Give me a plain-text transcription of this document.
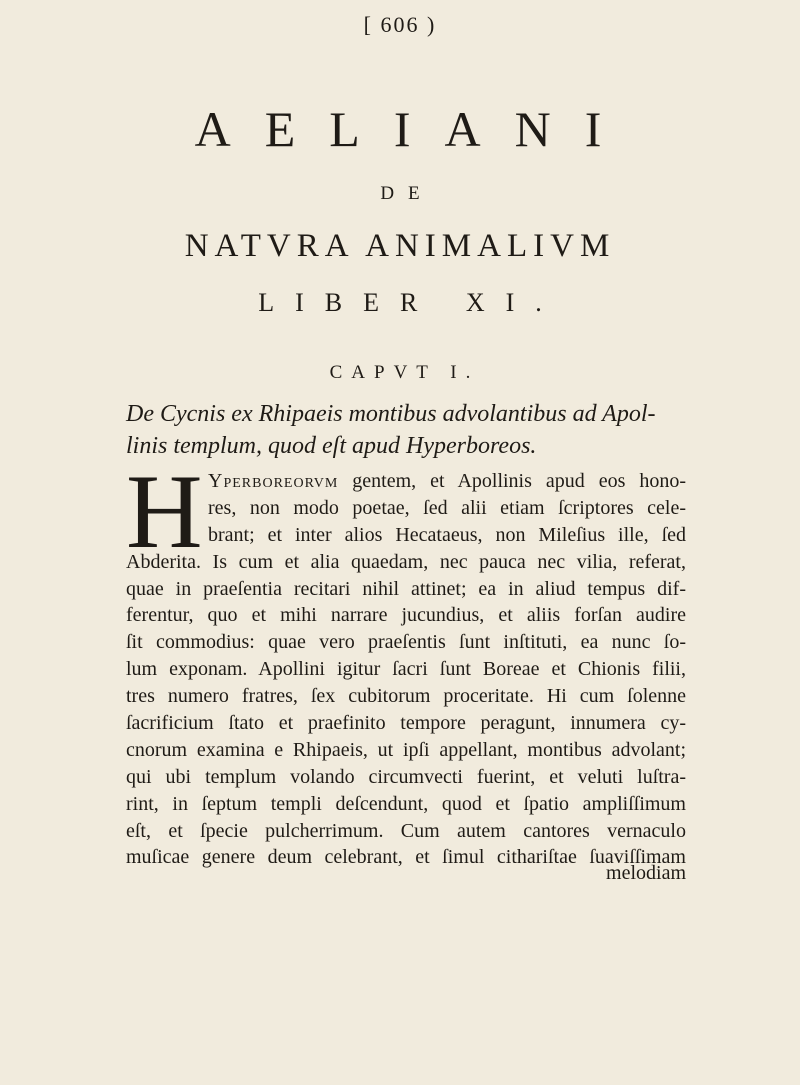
[ 606 )
AELIANI
DE
NATVRA ANIMALIVM
LIBER XI.
CAPVT I.
De Cycnis ex Rhipaeis montibus advolantibus ad Apol-
linis templum, quod eſt apud Hyperboreos.
H Yperboreorvm gentem, et Apollinis apud eos hono-
res, non modo poetae, ſed alii etiam ſcriptores cele-
brant; et inter alios Hecataeus, non Mileſius ille, ſed
Abderita. Is cum et alia quaedam, nec pauca nec vilia, referat,
quae in praeſentia recitari nihil attinet; ea in aliud tempus dif-
ferentur, quo et mihi narrare jucundius, et aliis forſan audire
ſit commodius: quae vero praeſentis ſunt inſtituti, ea nunc ſo-
lum exponam. Apollini igitur ſacri ſunt Boreae et Chionis filii,
tres numero fratres, ſex cubitorum proceritate. Hi cum ſolenne
ſacrificium ſtato et praefinito tempore peragunt, innumera cy-
cnorum examina e Rhipaeis, ut ipſi appellant, montibus advolant;
qui ubi templum volando circumvecti fuerint, et veluti luſtra-
rint, in ſeptum templi deſcendunt, quod et ſpatio ampliſſimum
eſt, et ſpecie pulcherrimum. Cum autem cantores vernaculo
muſicae genere deum celebrant, et ſimul cithariſtae ſuaviſſimam
melodiam
